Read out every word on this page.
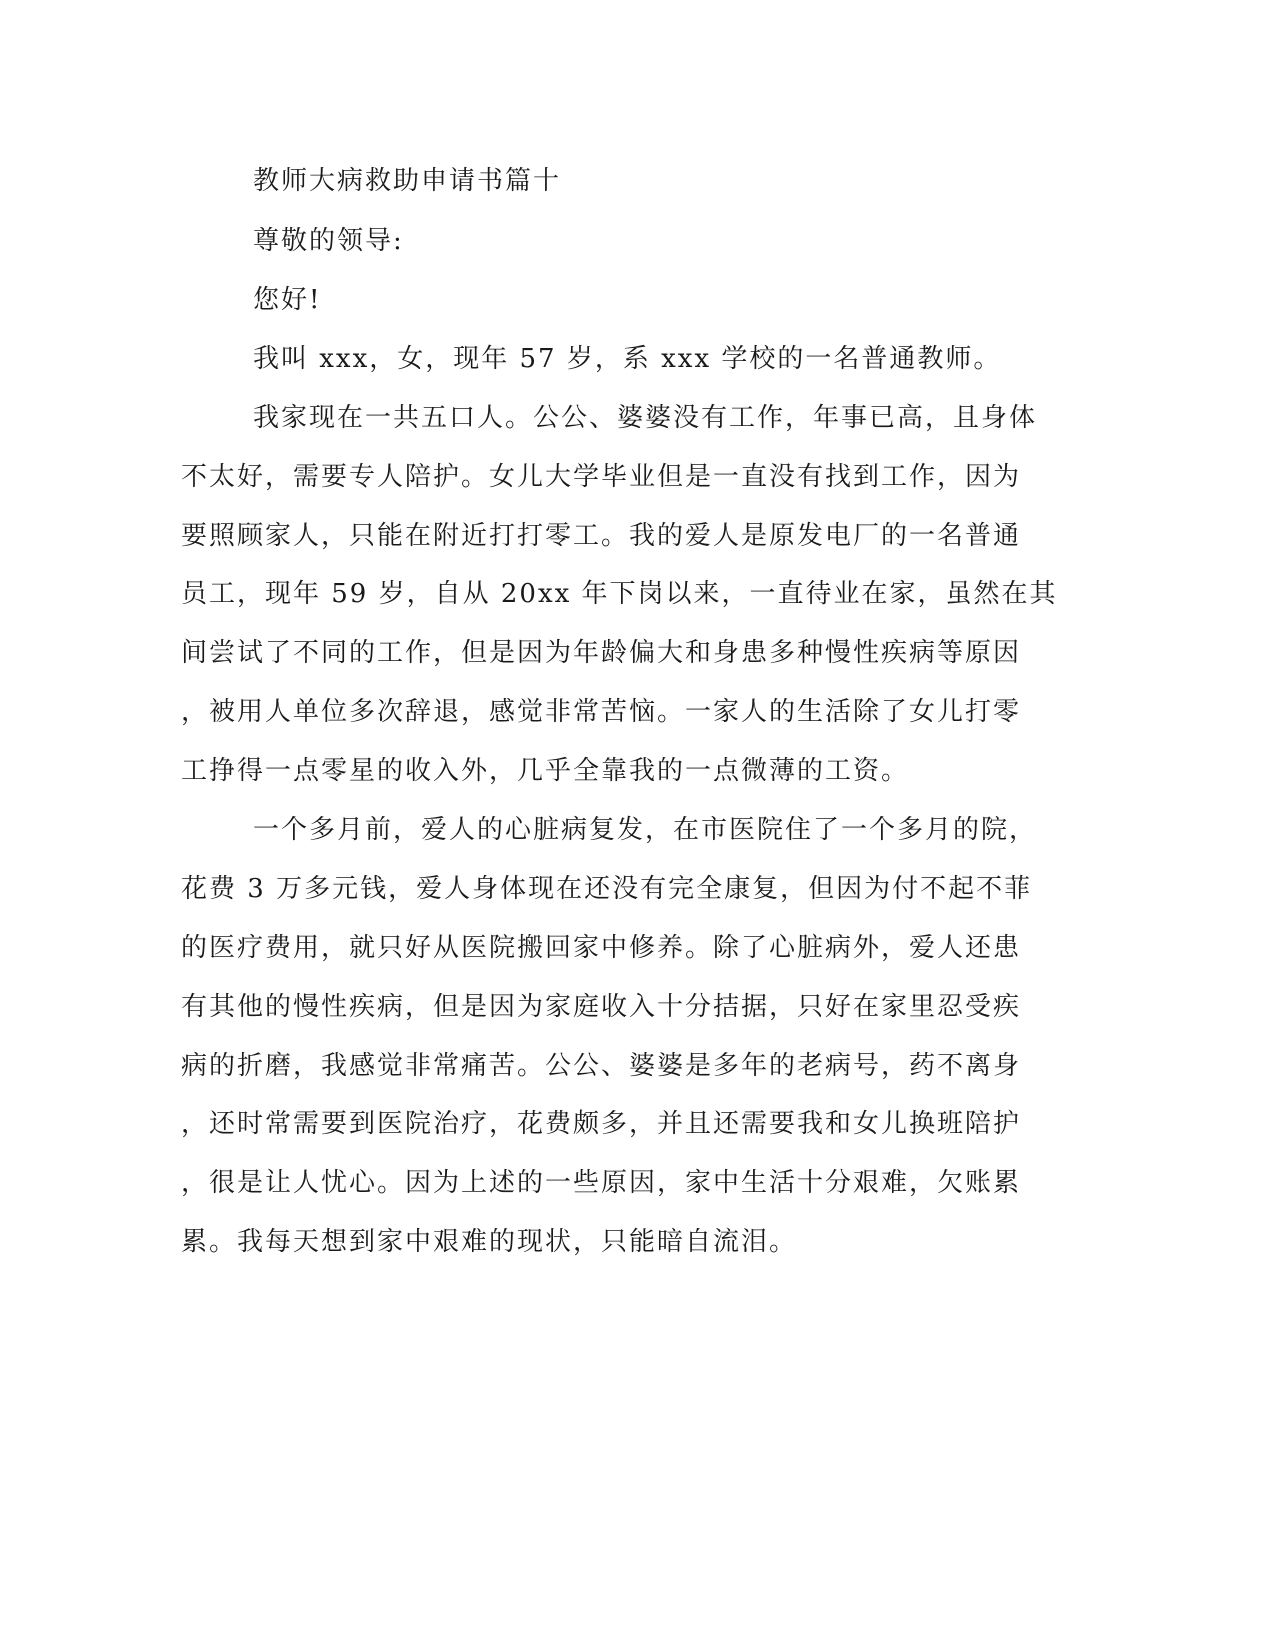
教师大病救助申请书篇十
尊敬的领导:
您好!
我叫 xxx，女，现年 57 岁，系 xxx 学校的一名普通教师。
我家现在一共五口人。公公、婆婆没有工作，年事已高，且身体
不太好，需要专人陪护。女儿大学毕业但是一直没有找到工作，因为
要照顾家人，只能在附近打打零工。我的爱人是原发电厂的一名普通
员工，现年 59 岁，自从 20xx 年下岗以来，一直待业在家，虽然在其
间尝试了不同的工作，但是因为年龄偏大和身患多种慢性疾病等原因
，被用人单位多次辞退，感觉非常苦恼。一家人的生活除了女儿打零
工挣得一点零星的收入外，几乎全靠我的一点微薄的工资。
一个多月前，爱人的心脏病复发，在市医院住了一个多月的院，
花费 3 万多元钱，爱人身体现在还没有完全康复，但因为付不起不菲
的医疗费用，就只好从医院搬回家中修养。除了心脏病外，爱人还患
有其他的慢性疾病，但是因为家庭收入十分拮据，只好在家里忍受疾
病的折磨，我感觉非常痛苦。公公、婆婆是多年的老病号，药不离身
，还时常需要到医院治疗，花费颇多，并且还需要我和女儿换班陪护
，很是让人忧心。因为上述的一些原因，家中生活十分艰难，欠账累
累。我每天想到家中艰难的现状，只能暗自流泪。
